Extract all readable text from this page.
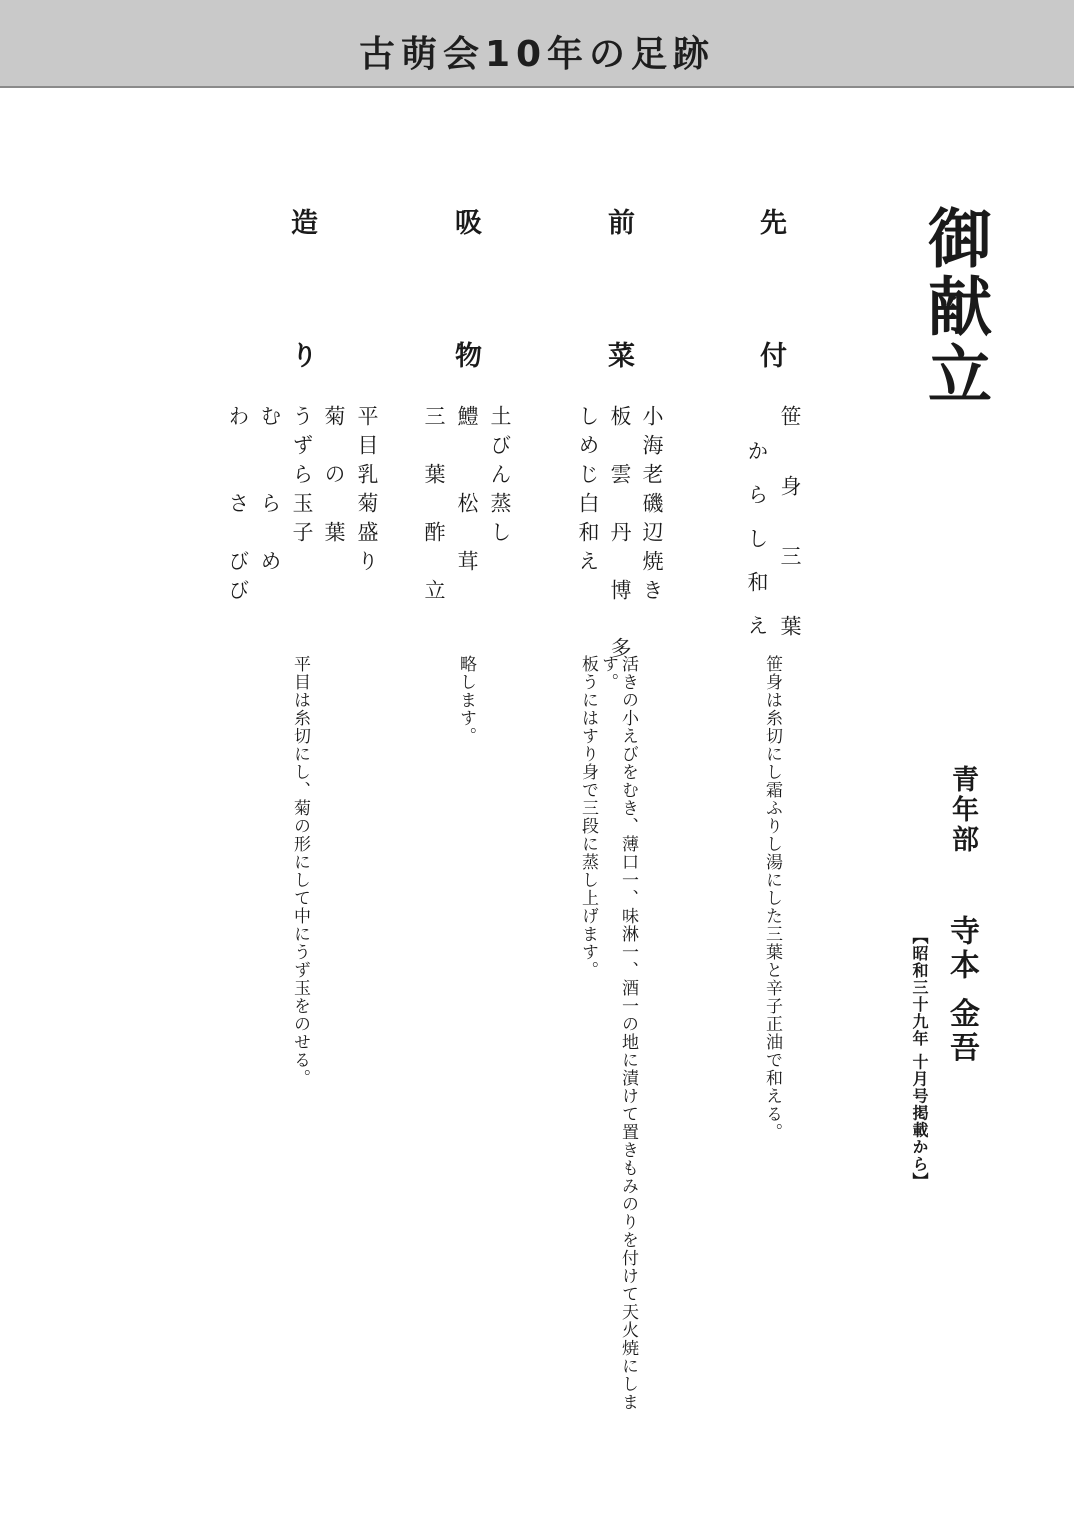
古萌会10年の足跡
御献立
青年部
寺本 金吾
【昭和三十九年 十月号掲載から】
先付
笹　身　三　葉
か ら し 和 え
笹身は糸切にし霜ふりし湯にした三葉と辛子正油で和える。
前菜
小海老磯辺焼き
板　雲　丹　博　多
しめじ白和え
活きの小えびをむき、薄口一、味淋一、酒一の地に漬けて置きもみのりを付けて天火焼にします。
板うにはすり身で三段に蒸し上げます。
吸物
土びん蒸し
鱧　　松　茸
三　葉　酢　立
略します。
造り
平目乳菊盛り
菊　の　葉
うずら玉子
む　　ら　め
わ　　さ　びび
平目は糸切にし、菊の形にして中にうず玉をのせる。
